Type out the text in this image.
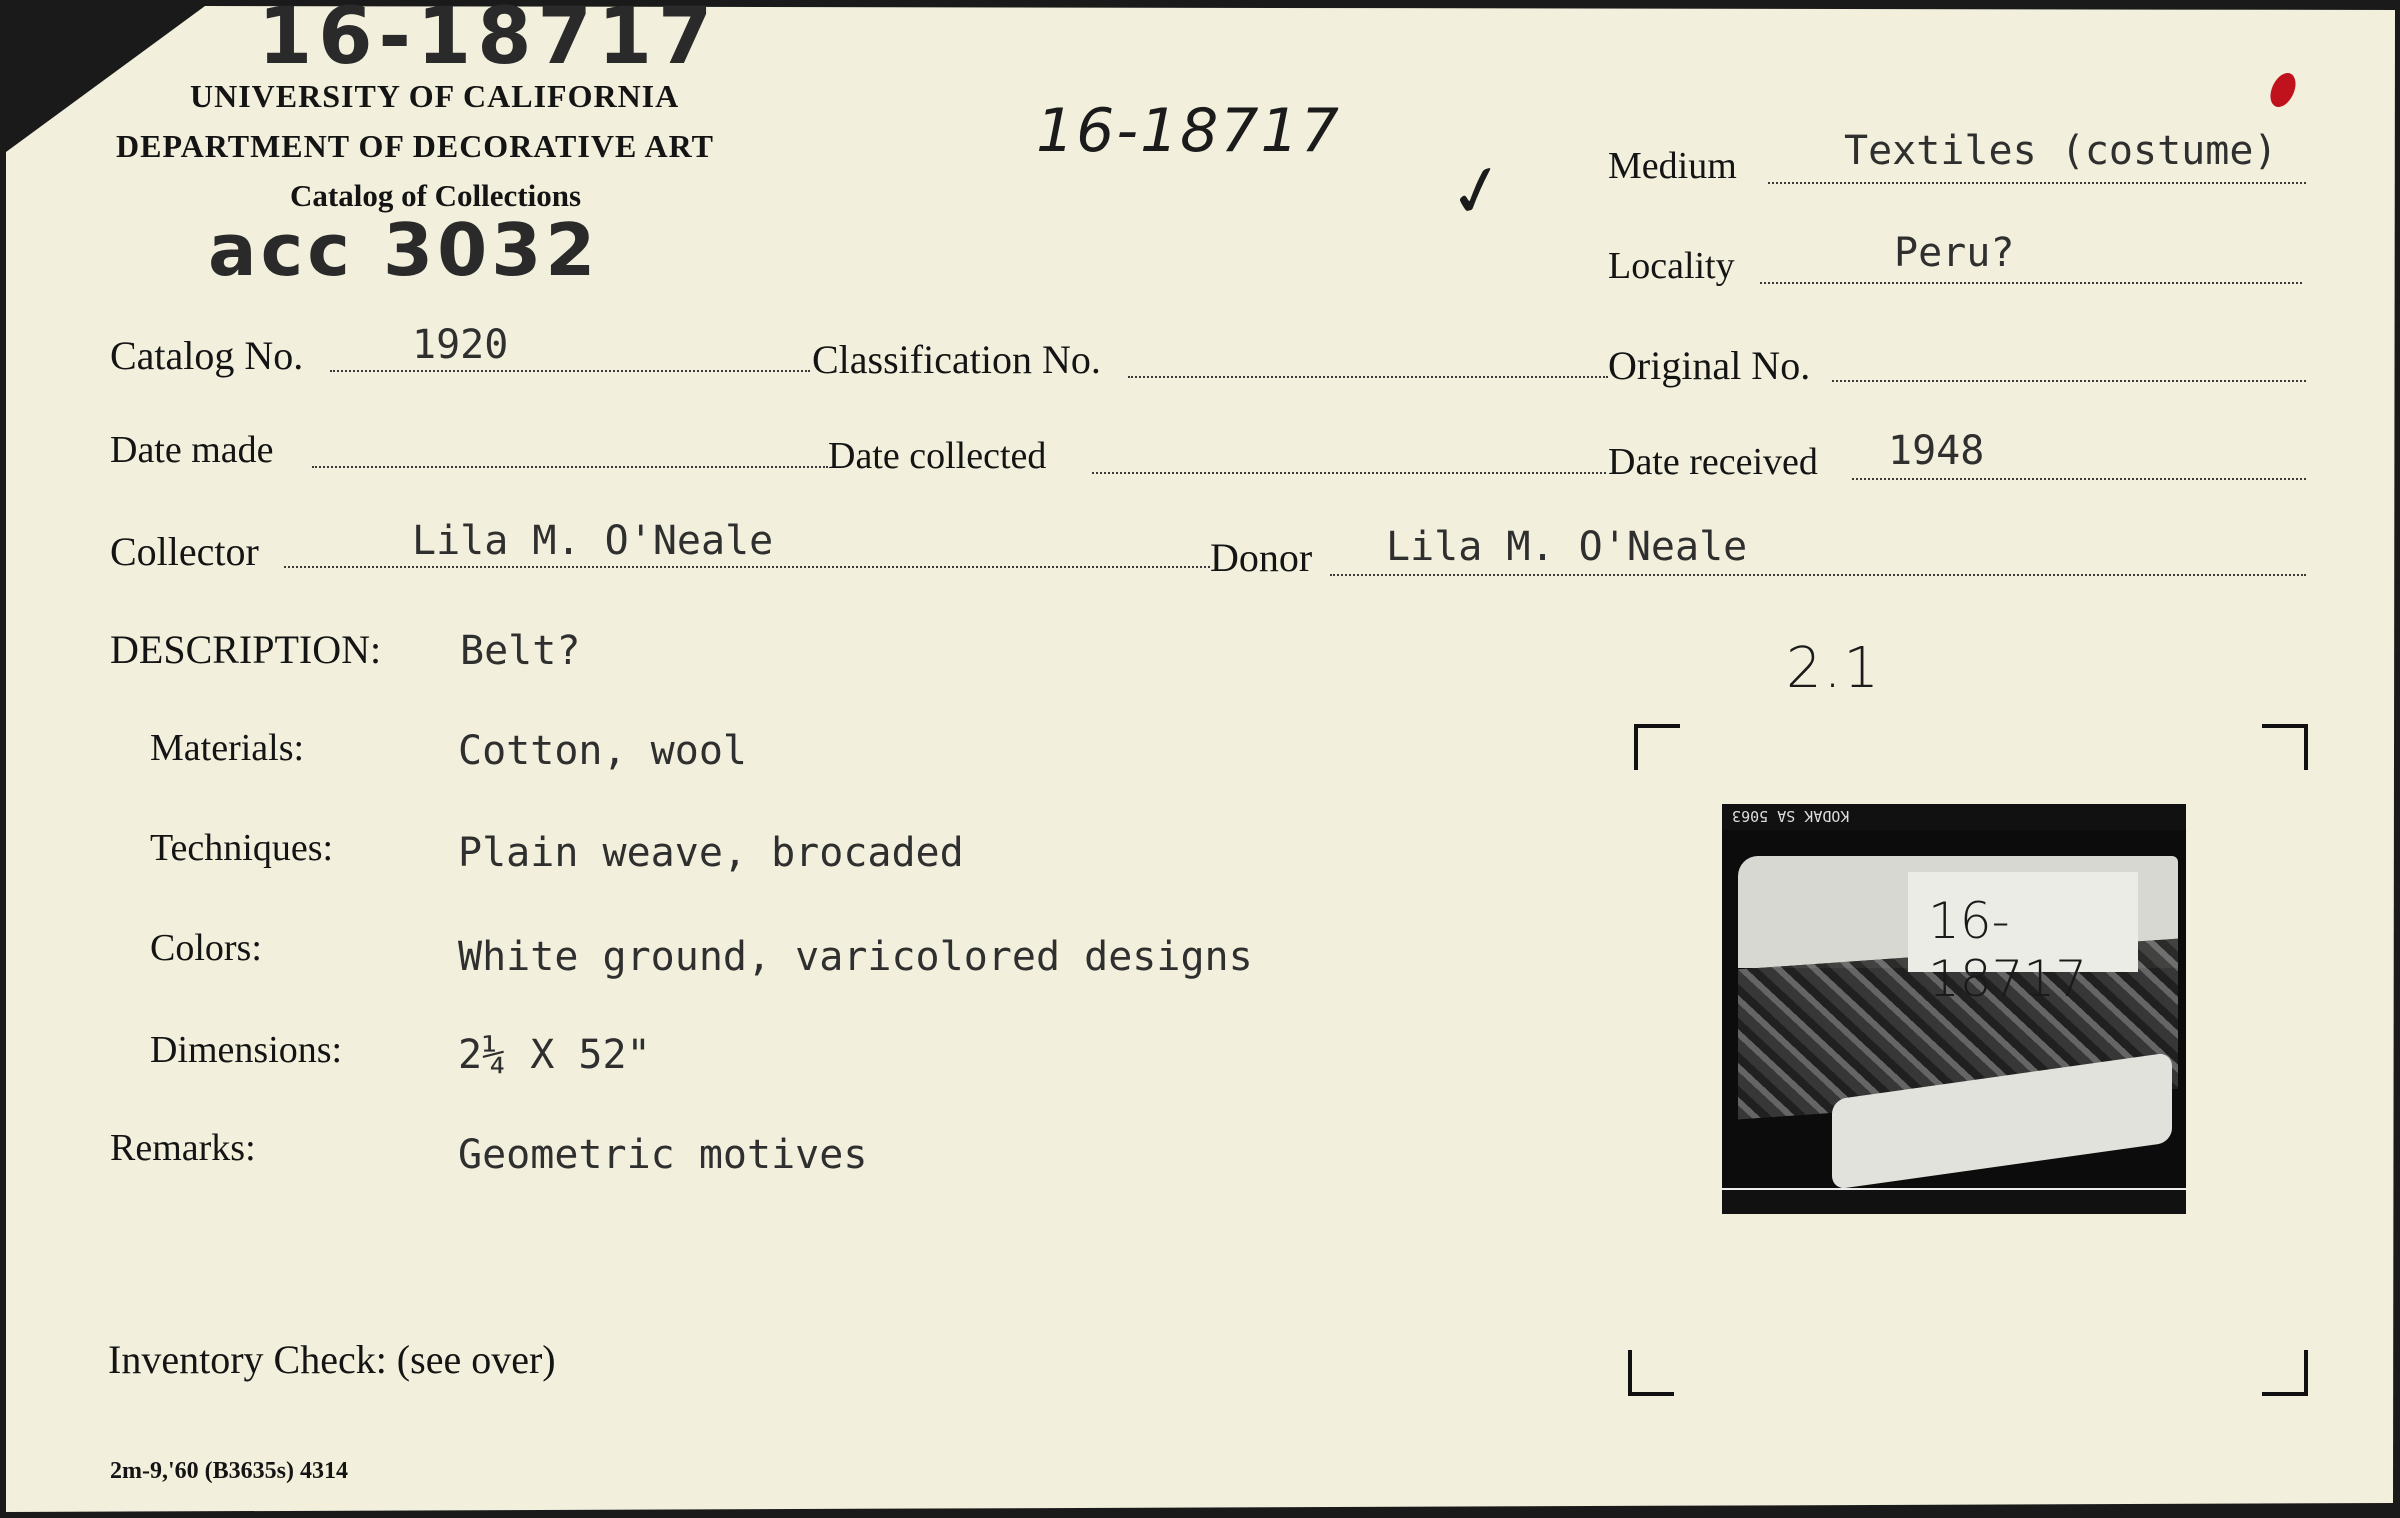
16-18717
UNIVERSITY OF CALIFORNIA
DEPARTMENT OF DECORATIVE ART
Catalog of Collections
acc 3032
16-18717
✓ Medium	Textiles (costume)
Locality	Peru?
Catalog No.	1920	Classification No.	Original No.
Date made	Date collected	Date received 1948
Collector	Lila M. O'Neale	Donor Lila M. O'Neale
DESCRIPTION: Belt?	2.1
Materials:	Cotton, wool
Techniques:	Plain weave, brocaded
Colors:	White ground, varicolored designs
Dimensions:	2¼ X 52"
Remarks:	Geometric motives
KODAK SA 5063
16-18717
Inventory Check: (see over)
2m-9,'60 (B3635s) 4314
